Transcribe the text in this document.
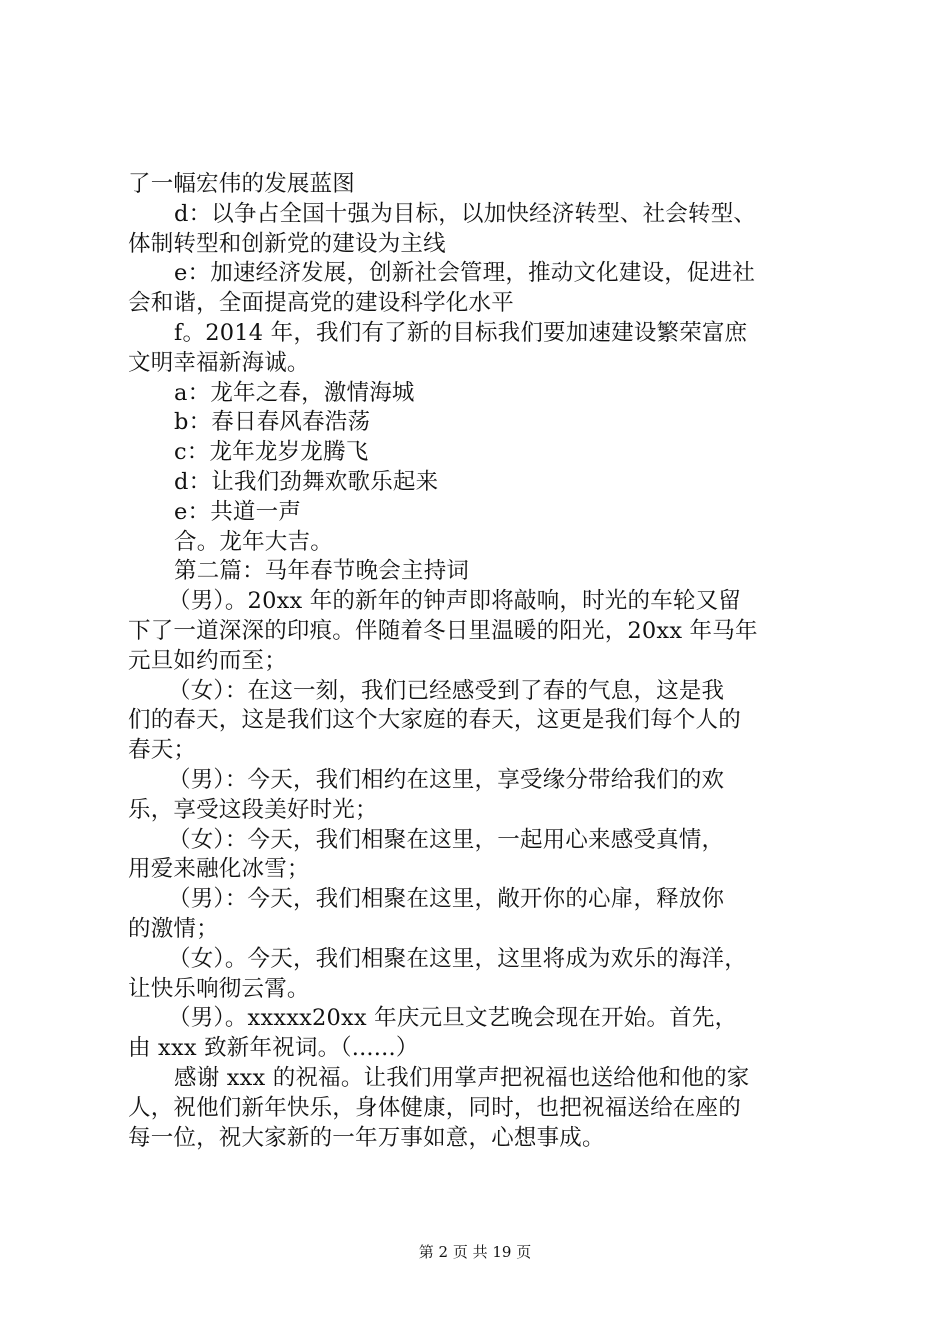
了一幅宏伟的发展蓝图
d：以争占全国十强为目标，以加快经济转型、社会转型、
体制转型和创新党的建设为主线
e：加速经济发展，创新社会管理，推动文化建设，促进社
会和谐，全面提高党的建设科学化水平
f。2014 年，我们有了新的目标我们要加速建设繁荣富庶
文明幸福新海诚。
a：龙年之春，激情海城
b：春日春风春浩荡
c：龙年龙岁龙腾飞
d：让我们劲舞欢歌乐起来
e：共道一声
合。龙年大吉。
第二篇：马年春节晚会主持词
（男）。20xx 年的新年的钟声即将敲响，时光的车轮又留
下了一道深深的印痕。伴随着冬日里温暖的阳光，20xx 年马年
元旦如约而至；
（女）：在这一刻，我们已经感受到了春的气息，这是我
们的春天，这是我们这个大家庭的春天，这更是我们每个人的
春天；
（男）：今天，我们相约在这里，享受缘分带给我们的欢
乐，享受这段美好时光；
（女）：今天，我们相聚在这里，一起用心来感受真情，
用爱来融化冰雪；
（男）：今天，我们相聚在这里，敞开你的心扉，释放你
的激情；
（女）。今天，我们相聚在这里，这里将成为欢乐的海洋，
让快乐响彻云霄。
（男）。xxxxx20xx 年庆元旦文艺晚会现在开始。首先，
由 xxx 致新年祝词。（......）
感谢 xxx 的祝福。让我们用掌声把祝福也送给他和他的家
人，祝他们新年快乐，身体健康，同时，也把祝福送给在座的
每一位，祝大家新的一年万事如意，心想事成。
第 2 页 共 19 页
